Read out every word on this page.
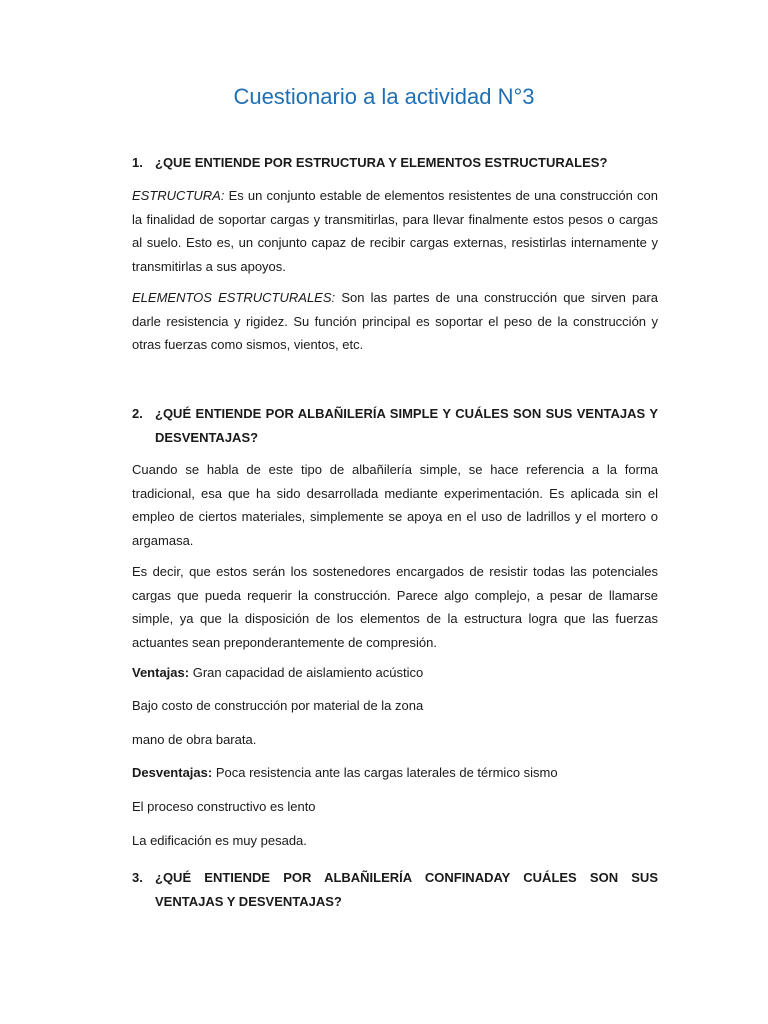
Cuestionario a la actividad N°3
1. ¿QUE ENTIENDE POR ESTRUCTURA Y ELEMENTOS ESTRUCTURALES?

ESTRUCTURA: Es un conjunto estable de elementos resistentes de una construcción con la finalidad de soportar cargas y transmitirlas, para llevar finalmente estos pesos o cargas al suelo. Esto es, un conjunto capaz de recibir cargas externas, resistirlas internamente y transmitirlas a sus apoyos.

ELEMENTOS ESTRUCTURALES: Son las partes de una construcción que sirven para darle resistencia y rigidez. Su función principal es soportar el peso de la construcción y otras fuerzas como sismos, vientos, etc.

2. ¿QUÉ ENTIENDE POR ALBAÑILERÍA SIMPLE Y CUÁLES SON SUS VENTAJAS Y DESVENTAJAS?

Cuando se habla de este tipo de albañilería simple, se hace referencia a la forma tradicional, esa que ha sido desarrollada mediante experimentación. Es aplicada sin el empleo de ciertos materiales, simplemente se apoya en el uso de ladrillos y el mortero o argamasa.

Es decir, que estos serán los sostenedores encargados de resistir todas las potenciales cargas que pueda requerir la construcción. Parece algo complejo, a pesar de llamarse simple, ya que la disposición de los elementos de la estructura logra que las fuerzas actuantes sean preponderantemente de compresión.

Ventajas: Gran capacidad de aislamiento acústico

Bajo costo de construcción por material de la zona

mano de obra barata.

Desventajas: Poca resistencia ante las cargas laterales de térmico sismo

El proceso constructivo es lento

La edificación es muy pesada.

3. ¿QUÉ ENTIENDE POR ALBAÑILERÍA CONFINADAY CUÁLES SON SUS VENTAJAS Y DESVENTAJAS?
